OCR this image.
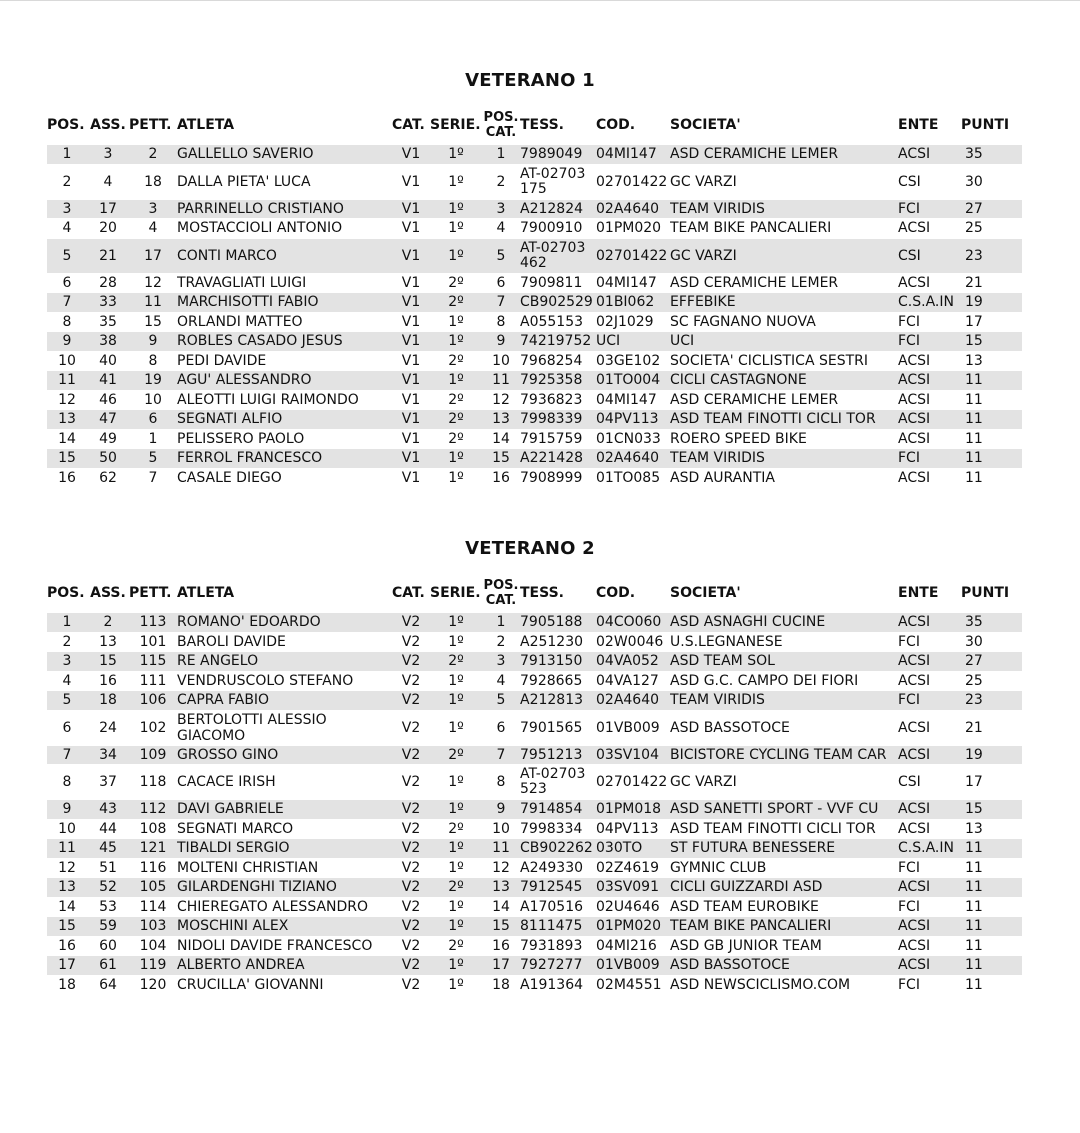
VETERANO 1
POS.	ASS.	PETT.	ATLETA	CAT.	SERIE.	POS. CAT.	TESS.	COD.	SOCIETA'	ENTE	PUNTI
1	3	2	GALLELLO SAVERIO	V1	1º	1	7989049	04MI147	ASD CERAMICHE LEMER	ACSI	35
2	4	18	DALLA PIETA' LUCA	V1	1º	2	AT-02703175	02701422	GC VARZI	CSI	30
3	17	3	PARRINELLO CRISTIANO	V1	1º	3	A212824	02A4640	TEAM VIRIDIS	FCI	27
4	20	4	MOSTACCIOLI ANTONIO	V1	1º	4	7900910	01PM020	TEAM BIKE PANCALIERI	ACSI	25
5	21	17	CONTI MARCO	V1	1º	5	AT-02703462	02701422	GC VARZI	CSI	23
6	28	12	TRAVAGLIATI LUIGI	V1	2º	6	7909811	04MI147	ASD CERAMICHE LEMER	ACSI	21
7	33	11	MARCHISOTTI FABIO	V1	2º	7	CB902529	01BI062	EFFEBIKE	C.S.A.IN	19
8	35	15	ORLANDI MATTEO	V1	1º	8	A055153	02J1029	SC FAGNANO NUOVA	FCI	17
9	38	9	ROBLES CASADO JESUS	V1	1º	9	74219752	UCI	UCI	FCI	15
10	40	8	PEDI DAVIDE	V1	2º	10	7968254	03GE102	SOCIETA' CICLISTICA SESTRI	ACSI	13
11	41	19	AGU' ALESSANDRO	V1	1º	11	7925358	01TO004	CICLI CASTAGNONE	ACSI	11
12	46	10	ALEOTTI LUIGI RAIMONDO	V1	2º	12	7936823	04MI147	ASD CERAMICHE LEMER	ACSI	11
13	47	6	SEGNATI ALFIO	V1	2º	13	7998339	04PV113	ASD TEAM FINOTTI CICLI TOR	ACSI	11
14	49	1	PELISSERO PAOLO	V1	2º	14	7915759	01CN033	ROERO SPEED BIKE	ACSI	11
15	50	5	FERROL FRANCESCO	V1	1º	15	A221428	02A4640	TEAM VIRIDIS	FCI	11
16	62	7	CASALE DIEGO	V1	1º	16	7908999	01TO085	ASD AURANTIA	ACSI	11
VETERANO 2
POS.	ASS.	PETT.	ATLETA	CAT.	SERIE.	POS. CAT.	TESS.	COD.	SOCIETA'	ENTE	PUNTI
1	2	113	ROMANO' EDOARDO	V2	1º	1	7905188	04CO060	ASD ASNAGHI CUCINE	ACSI	35
2	13	101	BAROLI DAVIDE	V2	1º	2	A251230	02W0046	U.S.LEGNANESE	FCI	30
3	15	115	RE ANGELO	V2	2º	3	7913150	04VA052	ASD TEAM SOL	ACSI	27
4	16	111	VENDRUSCOLO STEFANO	V2	1º	4	7928665	04VA127	ASD G.C. CAMPO DEI FIORI	ACSI	25
5	18	106	CAPRA FABIO	V2	1º	5	A212813	02A4640	TEAM VIRIDIS	FCI	23
6	24	102	BERTOLOTTI ALESSIO GIACOMO	V2	1º	6	7901565	01VB009	ASD BASSOTOCE	ACSI	21
7	34	109	GROSSO GINO	V2	2º	7	7951213	03SV104	BICISTORE CYCLING TEAM CAR	ACSI	19
8	37	118	CACACE IRISH	V2	1º	8	AT-02703523	02701422	GC VARZI	CSI	17
9	43	112	DAVI GABRIELE	V2	1º	9	7914854	01PM018	ASD SANETTI SPORT - VVF CU	ACSI	15
10	44	108	SEGNATI MARCO	V2	2º	10	7998334	04PV113	ASD TEAM FINOTTI CICLI TOR	ACSI	13
11	45	121	TIBALDI SERGIO	V2	1º	11	CB902262	030TO	ST FUTURA BENESSERE	C.S.A.IN	11
12	51	116	MOLTENI CHRISTIAN	V2	1º	12	A249330	02Z4619	GYMNIC CLUB	FCI	11
13	52	105	GILARDENGHI TIZIANO	V2	2º	13	7912545	03SV091	CICLI GUIZZARDI ASD	ACSI	11
14	53	114	CHIEREGATO ALESSANDRO	V2	1º	14	A170516	02U4646	ASD TEAM EUROBIKE	FCI	11
15	59	103	MOSCHINI ALEX	V2	1º	15	8111475	01PM020	TEAM BIKE PANCALIERI	ACSI	11
16	60	104	NIDOLI DAVIDE FRANCESCO	V2	2º	16	7931893	04MI216	ASD GB JUNIOR TEAM	ACSI	11
17	61	119	ALBERTO ANDREA	V2	1º	17	7927277	01VB009	ASD BASSOTOCE	ACSI	11
18	64	120	CRUCILLA' GIOVANNI	V2	1º	18	A191364	02M4551	ASD NEWSCICLISMO.COM	FCI	11
